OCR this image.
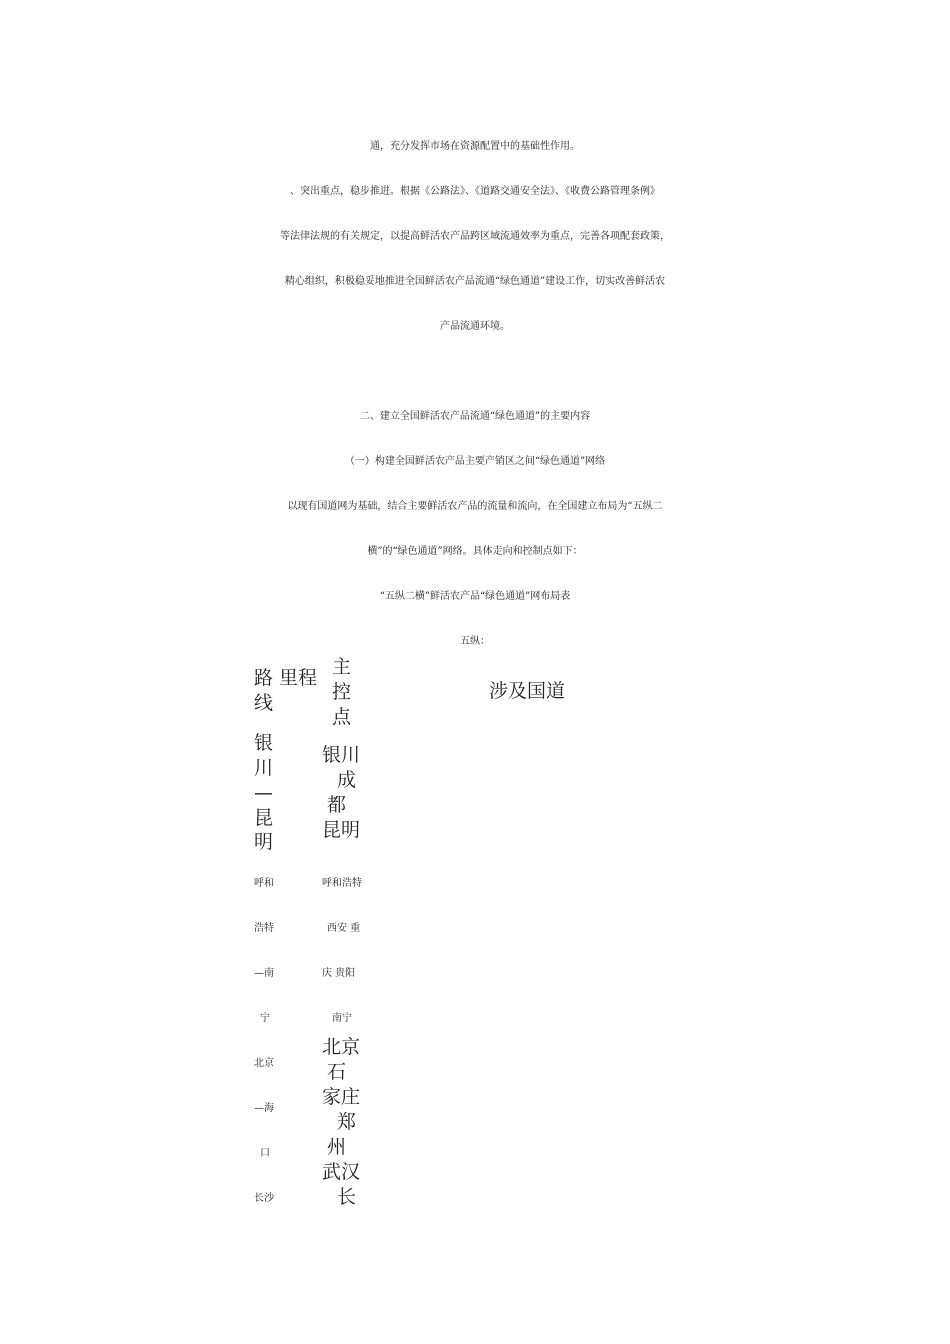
通，充分发挥市场在资源配置中的基础性作用。
、突出重点，稳步推进。根据《公路法》、《道路交通安全法》、《收费公路管理条例》
等法律法规的有关规定，以提高鲜活农产品跨区域流通效率为重点，完善各项配套政策，
精心组织，积极稳妥地推进全国鲜活农产品流通“绿色通道”建设工作，切实改善鲜活农
产品流通环境。
二、建立全国鲜活农产品流通“绿色通道”的主要内容
（一）构建全国鲜活农产品主要产销区之间“绿色通道”网络
以现有国道网为基础，结合主要鲜活农产品的流量和流向，在全国建立布局为“五纵二
横”的“绿色通道”网络。具体走向和控制点如下：
“五纵二横”鲜活农产品“绿色通道”网布局表
五纵：
路
线
里程 主
控
点
涉及国道
银
川
—
昆
明
银川
成
都
昆明
呼和
浩特
—南
宁
呼和浩特
西安 重
庆 贵阳
南宁
北京
—海
口
长沙
北京
石
家庄
郑
州
武汉
长
